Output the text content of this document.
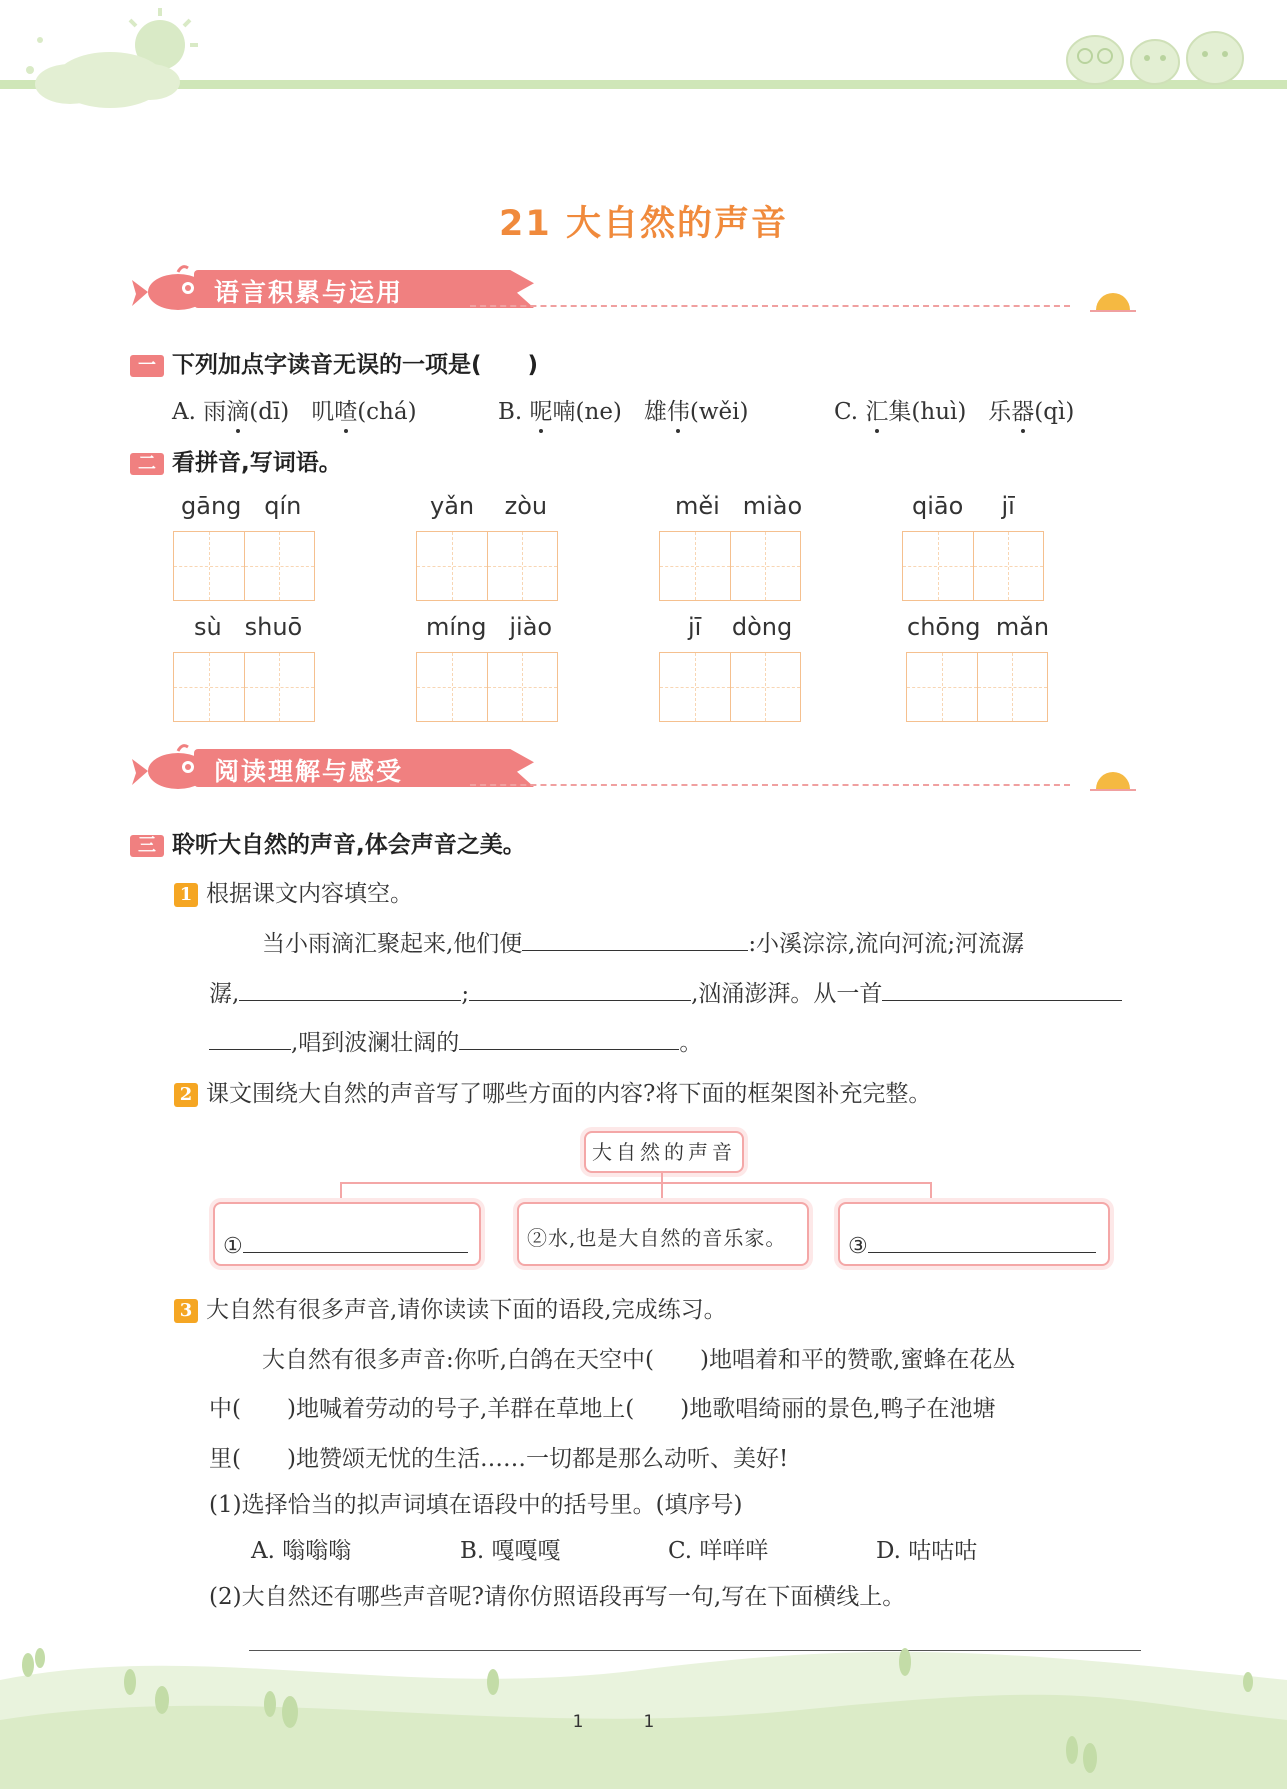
21 大自然的声音
语言积累与运用
一 下列加点字读音无误的一项是(　　)
A. 雨滴(dī) 叽喳(chá)	B. 呢喃(ne) 雄伟(wěi)	C. 汇集(huì) 乐器(qì)
二 看拼音,写词语。
gāng qín	yǎn zòu	měi miào	qiāo jī
sù shuō	míng jiào	jī dòng	chōng mǎn
阅读理解与感受
三 聆听大自然的声音,体会声音之美。
1 根据课文内容填空。
当小雨滴汇聚起来,他们便	:小溪淙淙,流向河流;河流潺
潺,	;	,汹涌澎湃。从一首
,唱到波澜壮阔的	。
2 课文围绕大自然的声音写了哪些方面的内容?将下面的框架图补充完整。
大自然的声音
①	②水,也是大自然的音乐家。	③
3 大自然有很多声音,请你读读下面的语段,完成练习。
大自然有很多声音:你听,白鸽在天空中(　　)地唱着和平的赞歌,蜜蜂在花丛
中(　　)地喊着劳动的号子,羊群在草地上(　　)地歌唱绮丽的景色,鸭子在池塘
里(　　)地赞颂无忧的生活……一切都是那么动听、美好!
(1)选择恰当的拟声词填在语段中的括号里。(填序号)
A. 嗡嗡嗡	B. 嘎嘎嘎	C. 咩咩咩	D. 咕咕咕
(2)大自然还有哪些声音呢?请你仿照语段再写一句,写在下面横线上。
11
